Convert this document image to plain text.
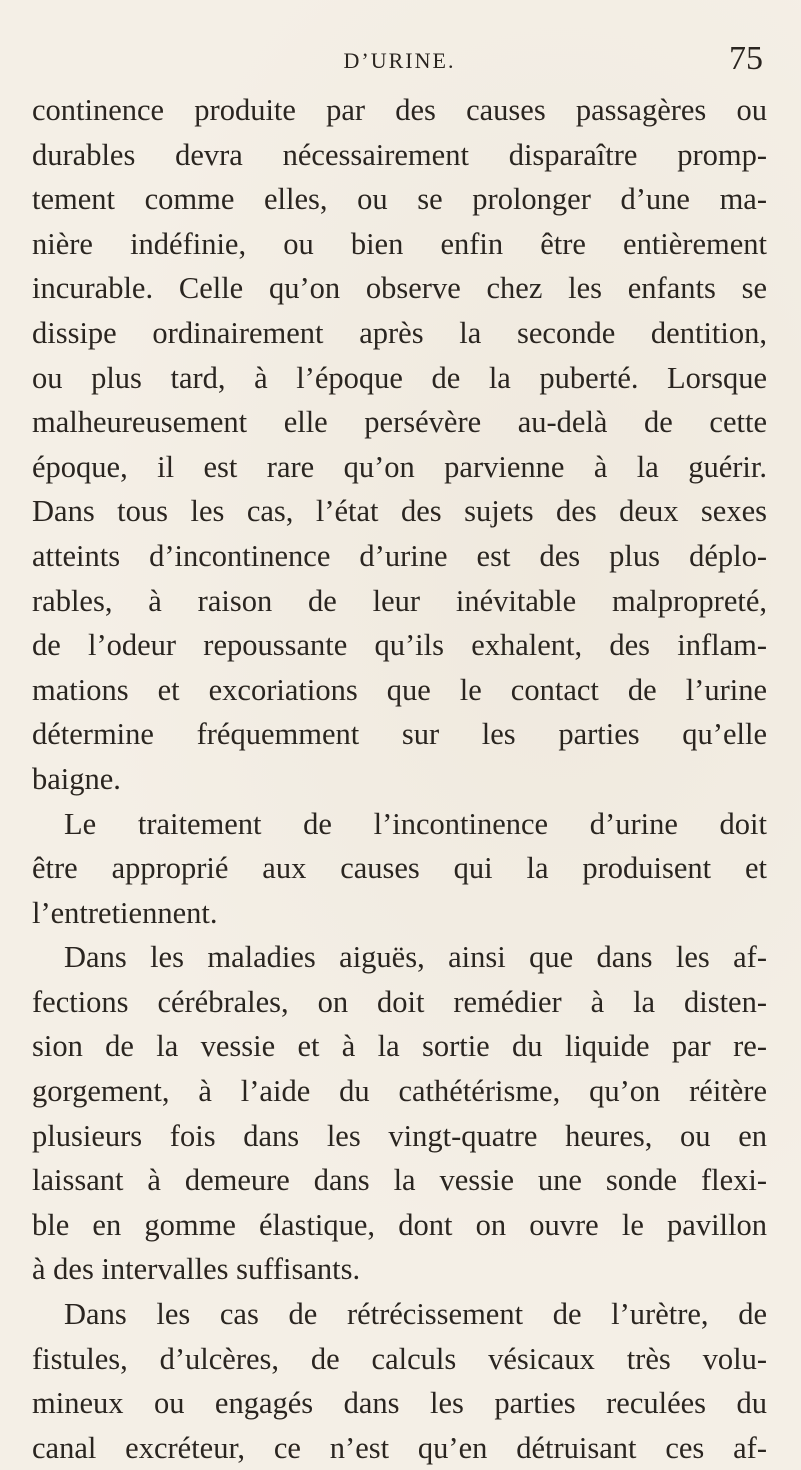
D’URINE.	75
continence produite par des causes passagères ou
durables devra nécessairement disparaître promp-
tement comme elles, ou se prolonger d’une ma-
nière indéfinie, ou bien enfin être entièrement
incurable. Celle qu’on observe chez les enfants se
dissipe ordinairement après la seconde dentition,
ou plus tard, à l’époque de la puberté. Lorsque
malheureusement elle persévère au-delà de cette
époque, il est rare qu’on parvienne à la guérir.
Dans tous les cas, l’état des sujets des deux sexes
atteints d’incontinence d’urine est des plus déplo-
rables, à raison de leur inévitable malpropreté,
de l’odeur repoussante qu’ils exhalent, des inflam-
mations et excoriations que le contact de l’urine
détermine fréquemment sur les parties qu’elle
baigne.
Le traitement de l’incontinence d’urine doit
être approprié aux causes qui la produisent et
l’entretiennent.
Dans les maladies aiguës, ainsi que dans les af-
fections cérébrales, on doit remédier à la disten-
sion de la vessie et à la sortie du liquide par re-
gorgement, à l’aide du cathétérisme, qu’on réitère
plusieurs fois dans les vingt-quatre heures, ou en
laissant à demeure dans la vessie une sonde flexi-
ble en gomme élastique, dont on ouvre le pavillon
à des intervalles suffisants.
Dans les cas de rétrécissement de l’urètre, de
fistules, d’ulcères, de calculs vésicaux très volu-
mineux ou engagés dans les parties reculées du
canal excréteur, ce n’est qu’en détruisant ces af-
